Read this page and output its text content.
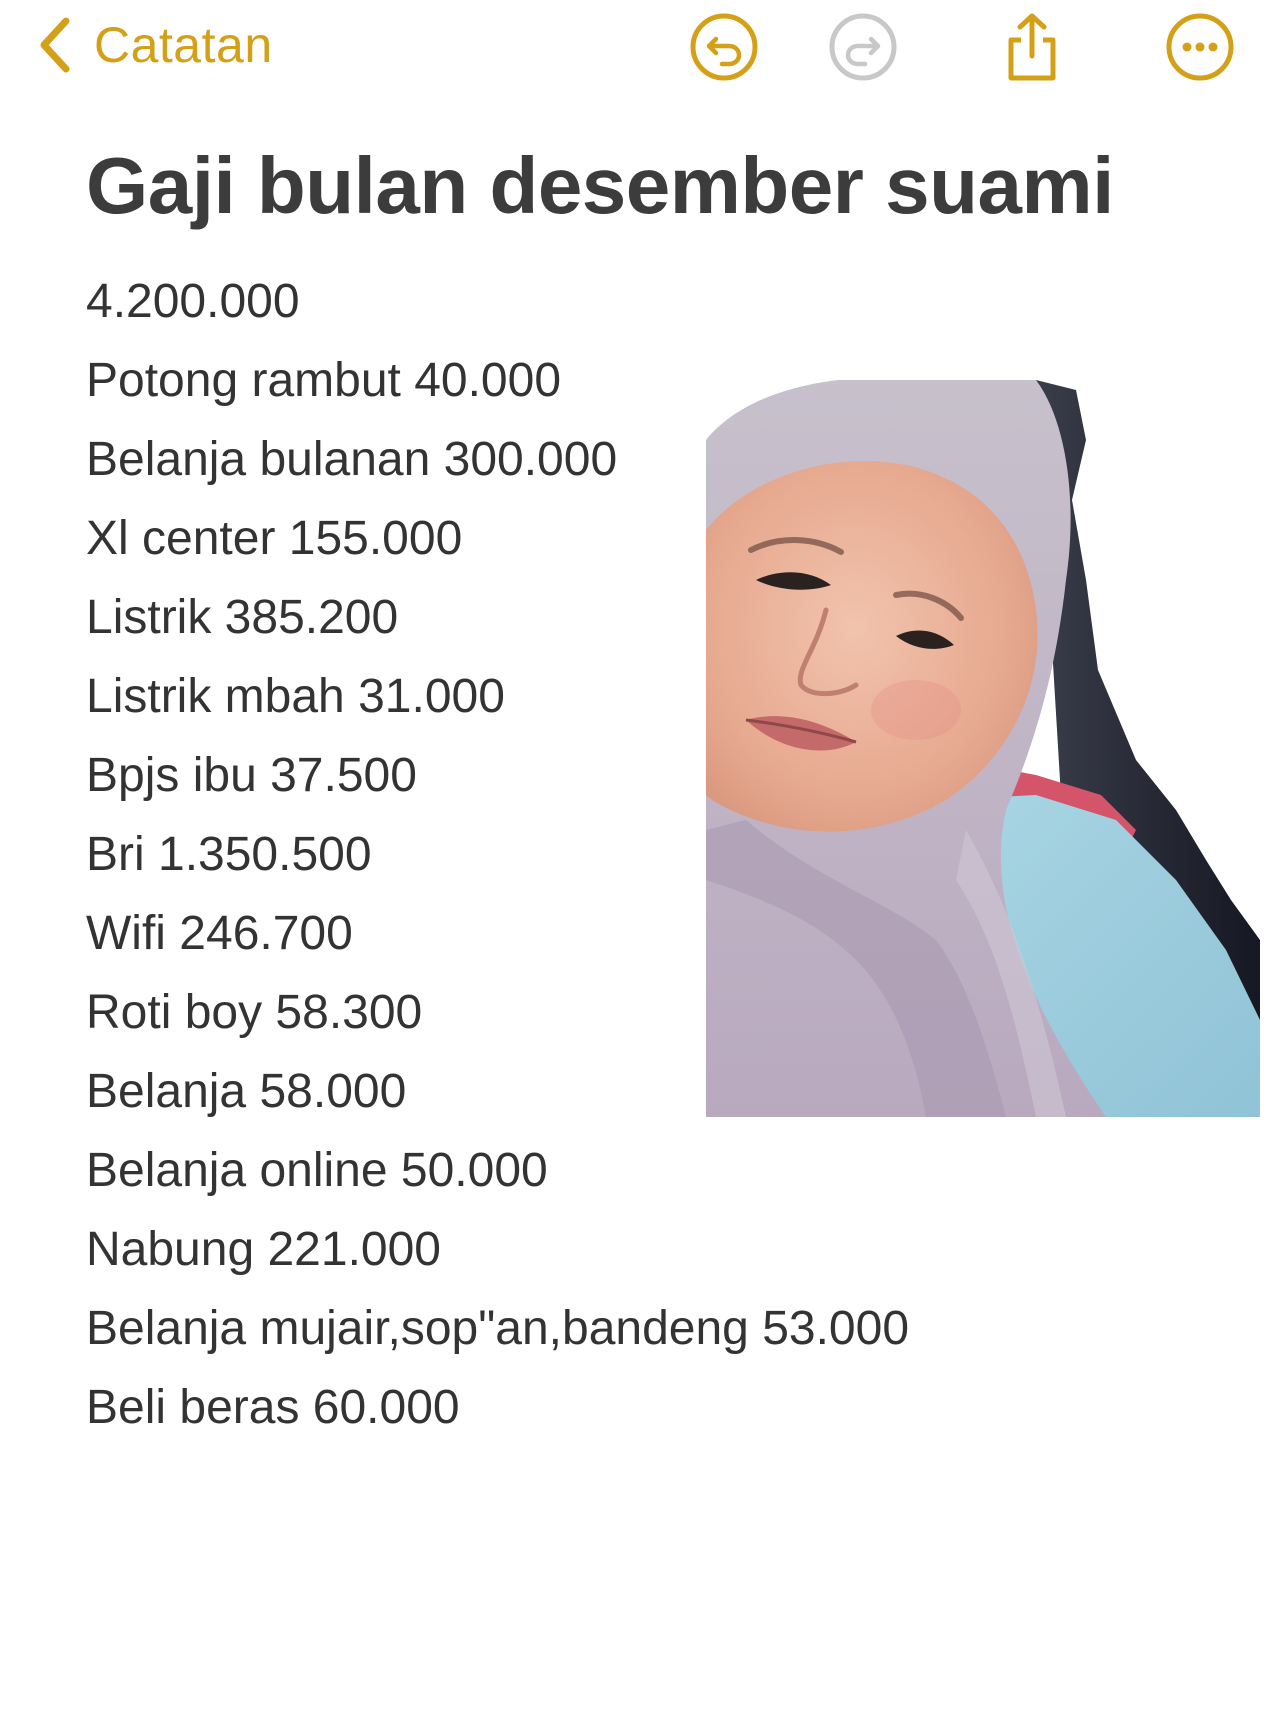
Catatan
Gaji bulan desember suami
4.200.000
Potong rambut 40.000
Belanja bulanan 300.000
Xl center 155.000
Listrik 385.200
Listrik mbah 31.000
Bpjs ibu 37.500
Bri 1.350.500
Wifi 246.700
Roti boy 58.300
Belanja 58.000
Belanja online 50.000
Nabung 221.000
Belanja mujair,sop"an,bandeng 53.000
Beli beras 60.000
